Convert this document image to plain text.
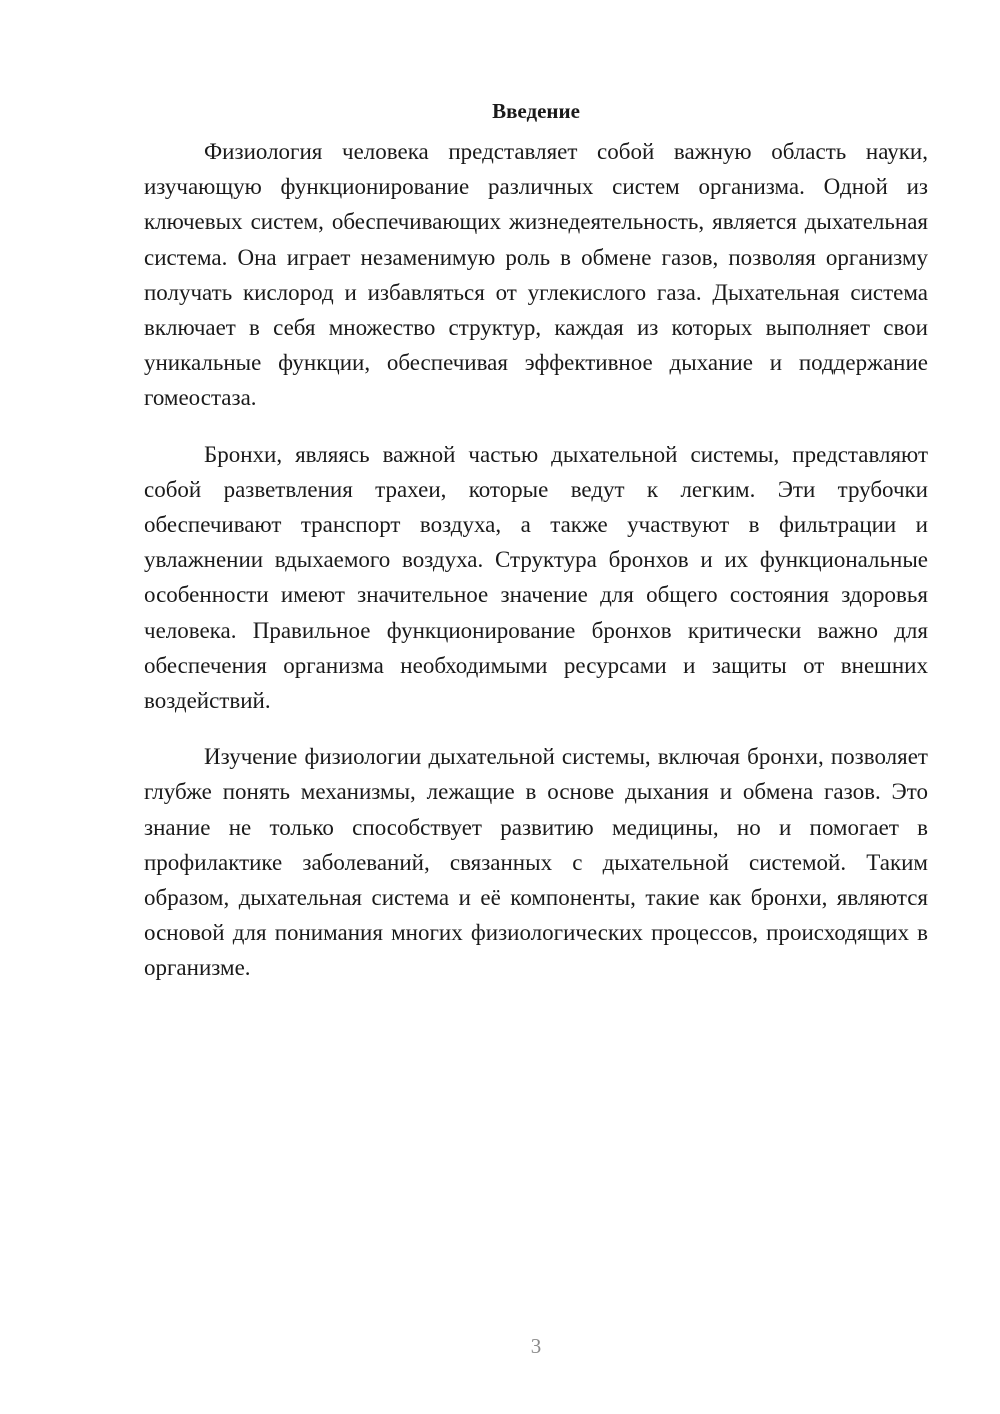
Введение

Физиология человека представляет собой важную область науки, изучающую функционирование различных систем организма. Одной из ключевых систем, обеспечивающих жизнедеятельность, является дыхательная система. Она играет незаменимую роль в обмене газов, позволяя организму получать кислород и избавляться от углекислого газа. Дыхательная система включает в себя множество структур, каждая из которых выполняет свои уникальные функции, обеспечивая эффективное дыхание и поддержание гомеостаза.

Бронхи, являясь важной частью дыхательной системы, представляют собой разветвления трахеи, которые ведут к легким. Эти трубочки обеспечивают транспорт воздуха, а также участвуют в фильтрации и увлажнении вдыхаемого воздуха. Структура бронхов и их функциональные особенности имеют значительное значение для общего состояния здоровья человека. Правильное функционирование бронхов критически важно для обеспечения организма необходимыми ресурсами и защиты от внешних воздействий.

Изучение физиологии дыхательной системы, включая бронхи, позволяет глубже понять механизмы, лежащие в основе дыхания и обмена газов. Это знание не только способствует развитию медицины, но и помогает в профилактике заболеваний, связанных с дыхательной системой. Таким образом, дыхательная система и её компоненты, такие как бронхи, являются основой для понимания многих физиологических процессов, происходящих в организме.

3
